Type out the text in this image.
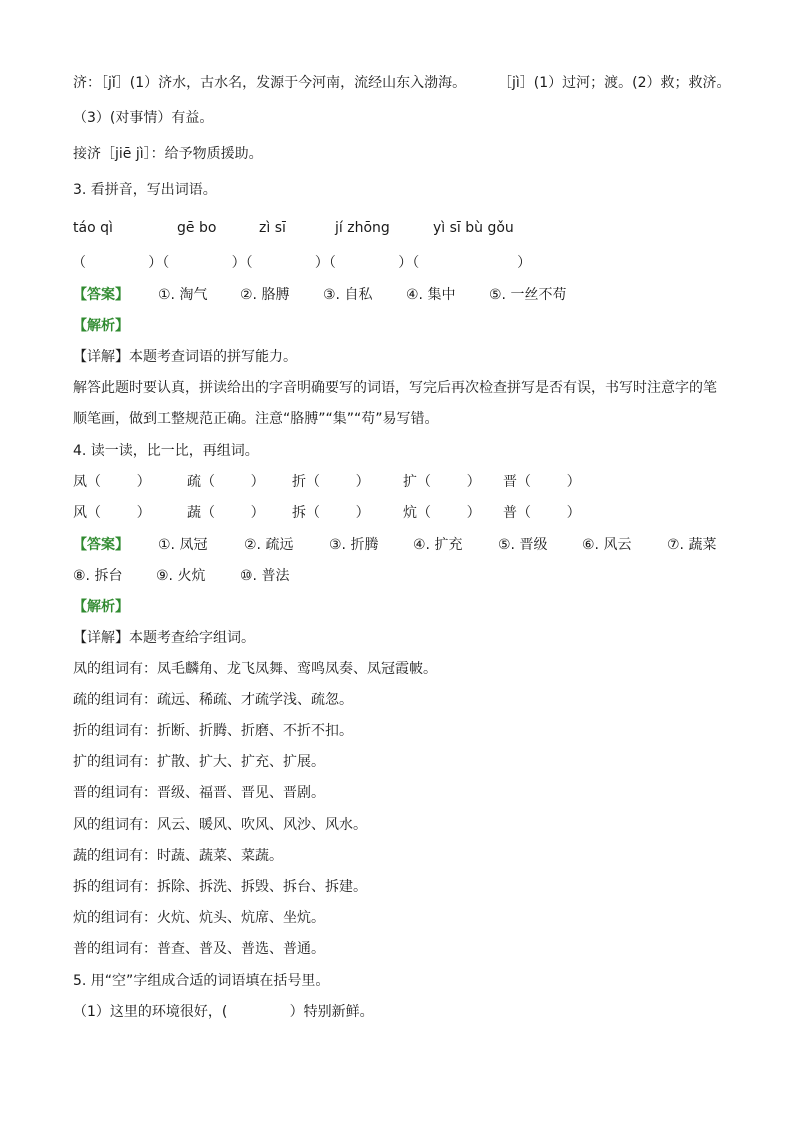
济：［jǐ］(1）济水，古水名，发源于今河南，流经山东入渤海。 ［jì］(1）过河；渡。(2）救；救济。
（3）(对事情）有益。
接济［jiē jì］：给予物质援助。
3. 看拼音，写出词语。
táo qì	gē bo	zì sī	jí zhōng	yì sī bù gǒu
（              ）（              ）（              ）（              ）（                      ）
【答案】 ①. 淘气 ②. 胳膊 ③. 自私 ④. 集中 ⑤. 一丝不苟
【解析】
【详解】本题考查词语的拼写能力。
解答此题时要认真，拼读给出的字音明确要写的词语，写完后再次检查拼写是否有误，书写时注意字的笔
顺笔画，做到工整规范正确。注意“胳膊”“集”“苟”易写错。
4. 读一读，比一比，再组词。
凤（        ）	疏（        ） 折（        ） 扩（        ） 晋（        ）
风（        ）	蔬（        ） 拆（        ） 炕（        ） 普（        ）
【答案】 ①. 凤冠	②. 疏远	③. 折腾 ④. 扩充	⑤. 晋级 ⑥. 风云	⑦. 蔬菜
⑧. 拆台 ⑨. 火炕 ⑩. 普法
【解析】
【详解】本题考查给字组词。
凤的组词有：凤毛麟角、龙飞凤舞、鸾鸣凤奏、凤冠霞帔。
疏的组词有：疏远、稀疏、才疏学浅、疏忽。
折的组词有：折断、折腾、折磨、不折不扣。
扩的组词有：扩散、扩大、扩充、扩展。
晋的组词有：晋级、福晋、晋见、晋剧。
风的组词有：风云、暖风、吹风、风沙、风水。
蔬的组词有：时蔬、蔬菜、菜蔬。
拆的组词有：拆除、拆洗、拆毁、拆台、拆建。
炕的组词有：火炕、炕头、炕席、坐炕。
普的组词有：普查、普及、普选、普通。
5. 用“空”字组成合适的词语填在括号里。
（1）这里的环境很好，(              ）特别新鲜。
